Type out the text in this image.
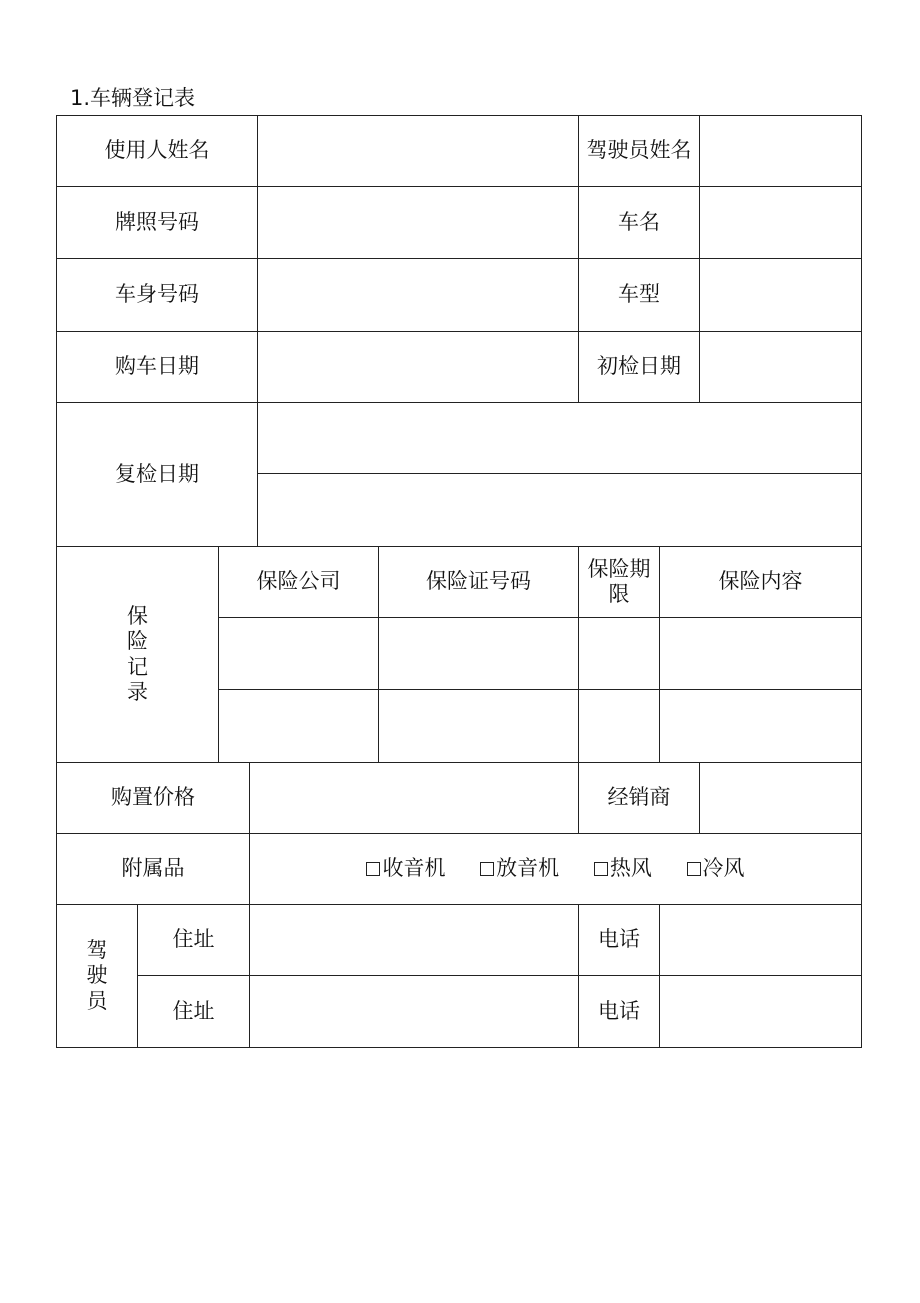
1.车辆登记表
使用人姓名						驾驶员姓名		
牌照号码						车名		
车身号码						车型		
购车日期						初检日期		
复检日期								

保
险
记
录		保险公司			保险证号码	保险期限	保险内容	

购置价格						经销商		
附属品			收音机 放音机 热风 冷风					

驾
驶
员	住址					电话		
	住址					电话		
